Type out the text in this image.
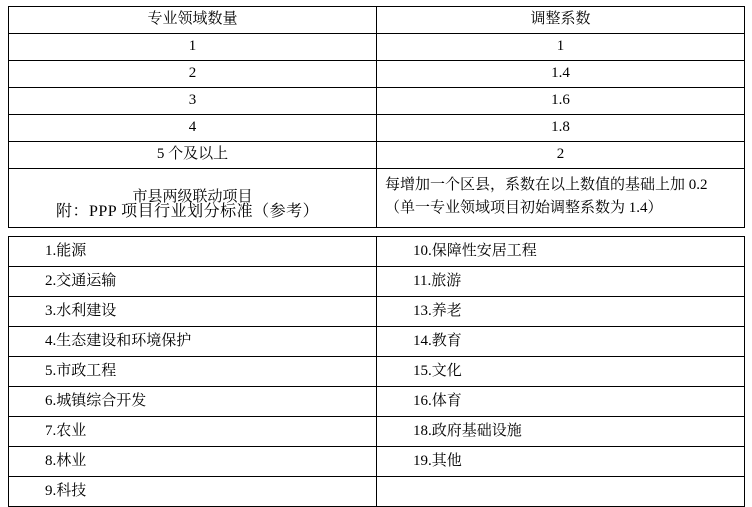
专业领域数量	调整系数
1	1
2	1.4
3	1.6
4	1.8
5 个及以上	2
市县两级联动项目	每增加一个区县，系数在以上数值的基础上加 0.2（单一专业领域项目初始调整系数为 1.4）
附：PPP 项目行业划分标准（参考）
1.能源	10.保障性安居工程
2.交通运输	11.旅游
3.水利建设	13.养老
4.生态建设和环境保护	14.教育
5.市政工程	15.文化
6.城镇综合开发	16.体育
7.农业	18.政府基础设施
8.林业	19.其他
9.科技	
